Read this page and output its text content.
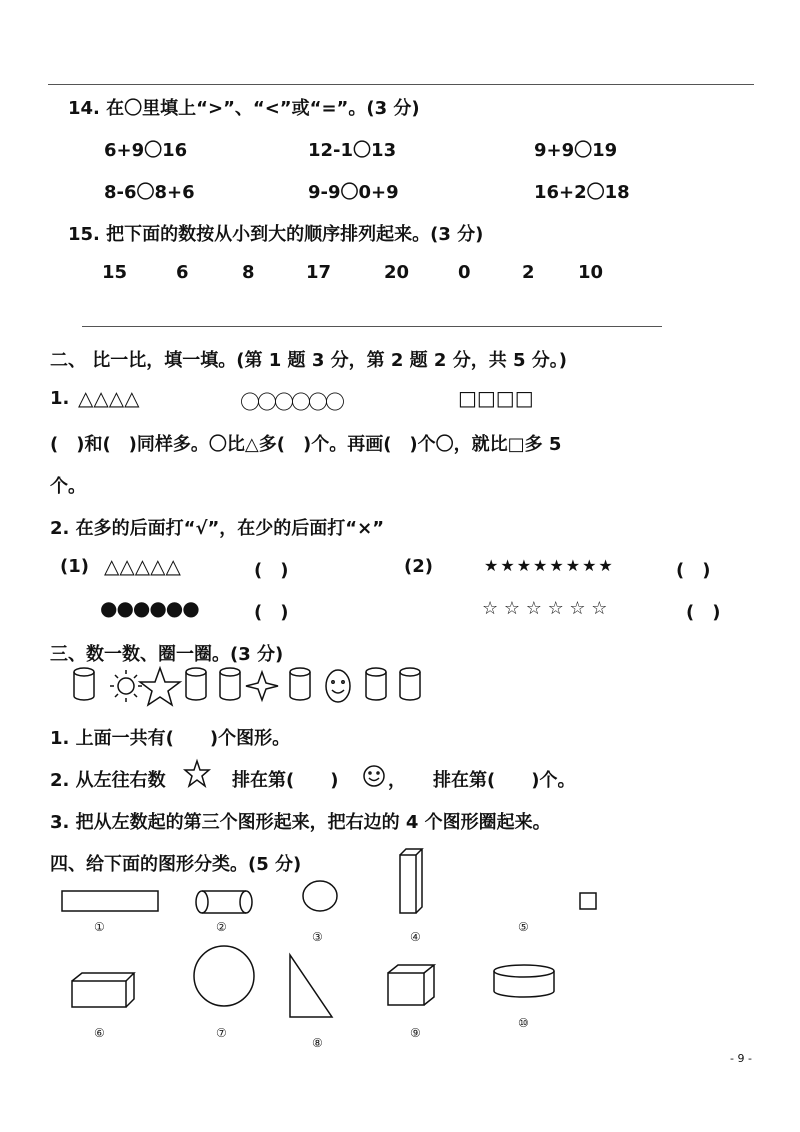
14. 在〇里填上“>”、“<”或“=”。(3 分)
6+9〇16	12-1〇13	9+9〇19
8-6〇8+6	9-9〇0+9	16+2〇18
15. 把下面的数按从小到大的顺序排列起来。(3 分)
15	6	8	17	20	0	2 10
二、 比一比，填一填。(第 1 题 3 分，第 2 题 2 分，共 5 分。)
1. △△△△	〇〇〇〇〇〇	□□□□
(　)和(　)同样多。〇比△多(　)个。再画(　)个〇，就比□多 5
个。
2. 在多的后面打“√”，在少的后面打“×”
(1) △△△△△	(　)	(2)	★★★★★★★★	(　)
●●●●●●	(　)	☆ ☆ ☆ ☆ ☆ ☆	(　)
三、数一数、圈一圈。(3 分)
1. 上面一共有(　　)个图形。
2. 从左往右数	排在第(　　)	，　　排在第(　　)个。
3. 把从左数起的第三个图形起来，把右边的 4 个图形圈起来。
四、给下面的图形分类。(5 分)
①	②
③	④
⑤
⑥	⑦
⑧
⑨
⑩
- 9 -
